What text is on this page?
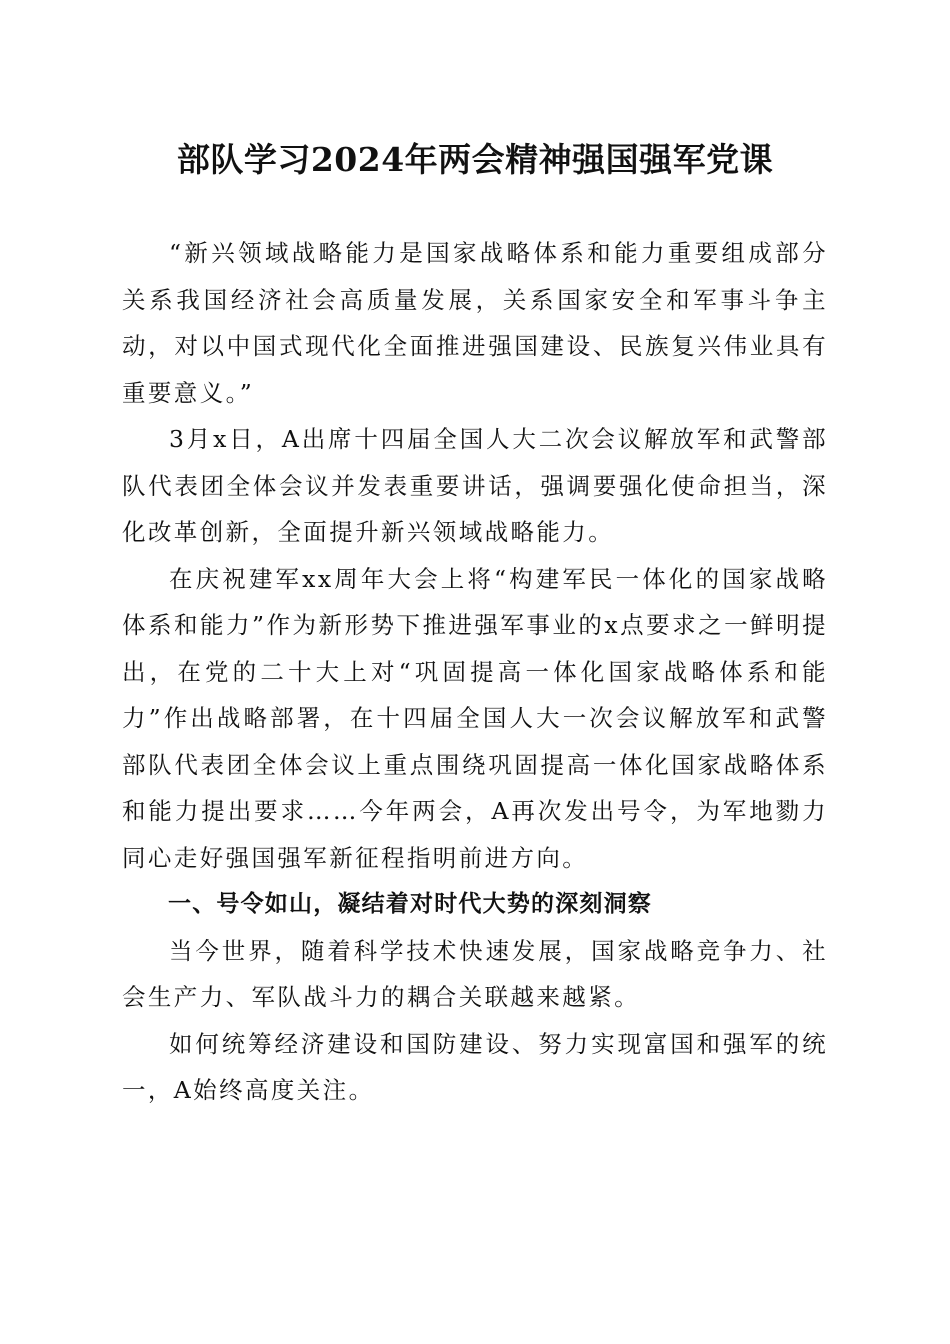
部队学习2024年两会精神强国强军党课

“新兴领域战略能力是国家战略体系和能力重要组成部分关系我国经济社会高质量发展，关系国家安全和军事斗争主动，对以中国式现代化全面推进强国建设、民族复兴伟业具有重要意义。”

3月x日，A出席十四届全国人大二次会议解放军和武警部队代表团全体会议并发表重要讲话，强调要强化使命担当，深化改革创新，全面提升新兴领域战略能力。

在庆祝建军xx周年大会上将“构建军民一体化的国家战略体系和能力”作为新形势下推进强军事业的x点要求之一鲜明提出，在党的二十大上对“巩固提高一体化国家战略体系和能力”作出战略部署，在十四届全国人大一次会议解放军和武警部队代表团全体会议上重点围绕巩固提高一体化国家战略体系和能力提出要求……今年两会，A再次发出号令，为军地勠力同心走好强国强军新征程指明前进方向。

一、号令如山，凝结着对时代大势的深刻洞察

当今世界，随着科学技术快速发展，国家战略竞争力、社会生产力、军队战斗力的耦合关联越来越紧。

如何统筹经济建设和国防建设、努力实现富国和强军的统一，A始终高度关注。
